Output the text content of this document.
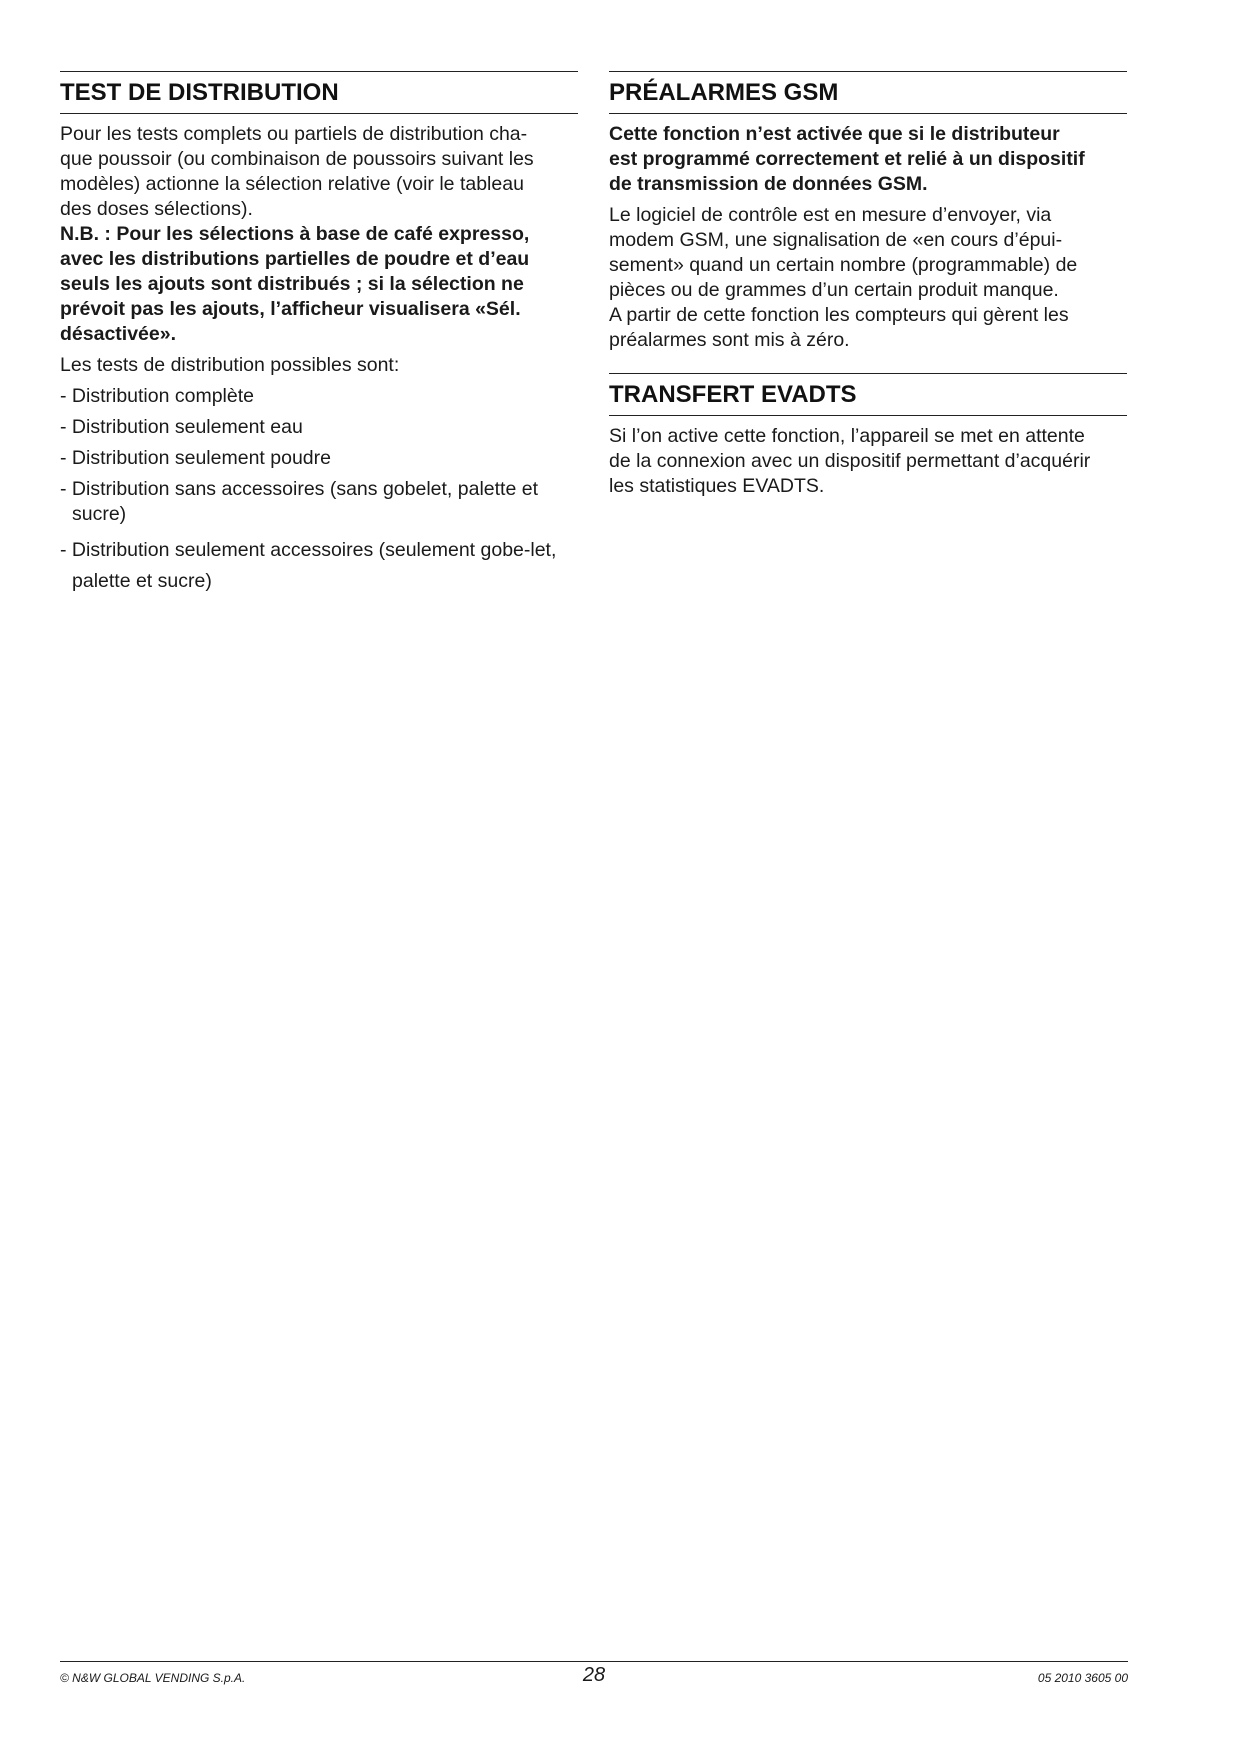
TEST DE DISTRIBUTION
Pour les tests complets ou partiels de distribution cha-
que poussoir (ou combinaison de poussoirs suivant les
modèles) actionne la sélection relative (voir le tableau
des doses sélections).
N.B. : Pour les sélections à base de café expresso,
avec les distributions partielles de poudre et d’eau
seuls les ajouts sont distribués ; si la sélection ne
prévoit pas les ajouts, l’afficheur visualisera «Sél.
désactivée».
Les tests de distribution possibles sont:
- Distribution complète
- Distribution seulement eau
- Distribution seulement poudre
- Distribution sans accessoires (sans gobelet, palette et sucre)
- Distribution seulement accessoires (seulement gobe-let, palette et sucre)
PRÉALARMES GSM
Cette fonction n’est activée que si le distributeur
est programmé correctement et relié à un dispositif
de transmission de données GSM.
Le logiciel de contrôle est en mesure d’envoyer, via
modem GSM, une signalisation de «en cours d’épui-
sement» quand un certain nombre (programmable) de
pièces ou de grammes d’un certain produit manque.
A partir de cette fonction les compteurs qui gèrent les
préalarmes sont mis à zéro.
TRANSFERT EVADTS
Si l’on active cette fonction, l’appareil se met en attente
de la connexion avec un dispositif permettant d’acquérir
les statistiques EVADTS.
© N&W GLOBAL VENDING S.p.A.	28	05 2010 3605 00
